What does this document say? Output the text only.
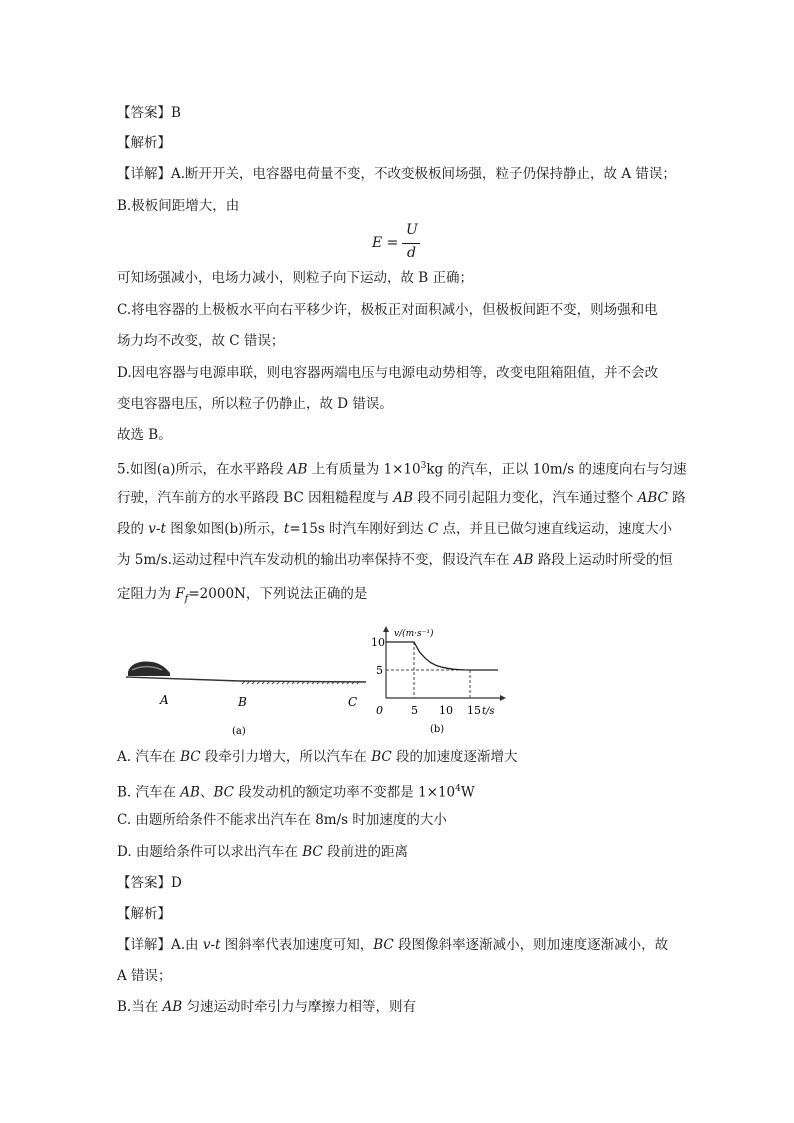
【答案】B
【解析】
【详解】A.断开开关，电容器电荷量不变，不改变极板间场强，粒子仍保持静止，故 A 错误；
B.极板间距增大，由
E =
U
d
可知场强减小，电场力减小，则粒子向下运动，故 B 正确；
C.将电容器的上极板水平向右平移少许，极板正对面积减小，但极板间距不变，则场强和电
场力均不改变，故 C 错误；
D.因电容器与电源串联，则电容器两端电压与电源电动势相等，改变电阻箱阻值，并不会改
变电容器电压，所以粒子仍静止，故 D 错误。
故选 B。
5.如图(a)所示，在水平路段 AB 上有质量为 $1\times 10^3kg$ 的汽车，正以 10m/s 的速度向右与匀速
行驶，汽车前方的水平路段 BC 因粗糙程度与 AB 段不同引起阻力变化，汽车通过整个 ABC 路
段的 v-t 图象如图(b)所示，t=15s 时汽车刚好到达 C 点，并且已做匀速直线运动，速度大小
为 5m/s.运动过程中汽车发动机的输出功率保持不变，假设汽车在 AB 路段上运动时所受的恒
定阻力为 $F_f=2000N$，下列说法正确的是
A	B	C
(a)
v/(m·s⁻¹)
t/s
0	5 10 15
5
10
(b)
A. 汽车在 BC 段牵引力增大，所以汽车在 BC 段的加速度逐渐增大
B. 汽车在 AB、BC 段发动机的额定功率不变都是 $1\times 10^4W$
C. 由题所给条件不能求出汽车在 8m/s 时加速度的大小
D. 由题给条件可以求出汽车在 BC 段前进的距离
【答案】D
【解析】
【详解】A.由 v-t 图斜率代表加速度可知，BC 段图像斜率逐渐减小，则加速度逐渐减小，故
A 错误；
B.当在 AB 匀速运动时牵引力与摩擦力相等，则有
